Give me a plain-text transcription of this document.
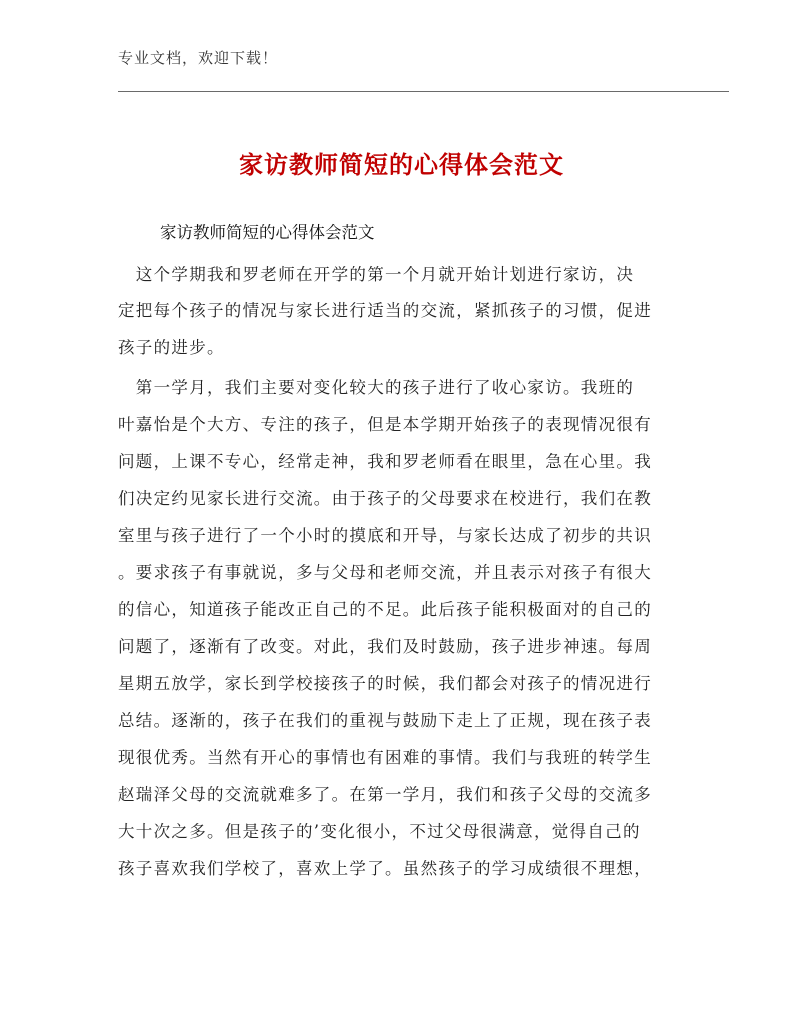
专业文档，欢迎下载！
家访教师简短的心得体会范文
家访教师简短的心得体会范文
　这个学期我和罗老师在开学的第一个月就开始计划进行家访，决
定把每个孩子的情况与家长进行适当的交流，紧抓孩子的习惯，促进
孩子的进步。
　第一学月，我们主要对变化较大的孩子进行了收心家访。我班的
叶嘉怡是个大方、专注的孩子，但是本学期开始孩子的表现情况很有
问题，上课不专心，经常走神，我和罗老师看在眼里，急在心里。我
们决定约见家长进行交流。由于孩子的父母要求在校进行，我们在教
室里与孩子进行了一个小时的摸底和开导，与家长达成了初步的共识
。要求孩子有事就说，多与父母和老师交流，并且表示对孩子有很大
的信心，知道孩子能改正自己的不足。此后孩子能积极面对的自己的
问题了，逐渐有了改变。对此，我们及时鼓励，孩子进步神速。每周
星期五放学，家长到学校接孩子的时候，我们都会对孩子的情况进行
总结。逐渐的，孩子在我们的重视与鼓励下走上了正规，现在孩子表
现很优秀。当然有开心的事情也有困难的事情。我们与我班的转学生
赵瑞泽父母的交流就难多了。在第一学月，我们和孩子父母的交流多
大十次之多。但是孩子的’变化很小，不过父母很满意，觉得自己的
孩子喜欢我们学校了，喜欢上学了。虽然孩子的学习成绩很不理想，
